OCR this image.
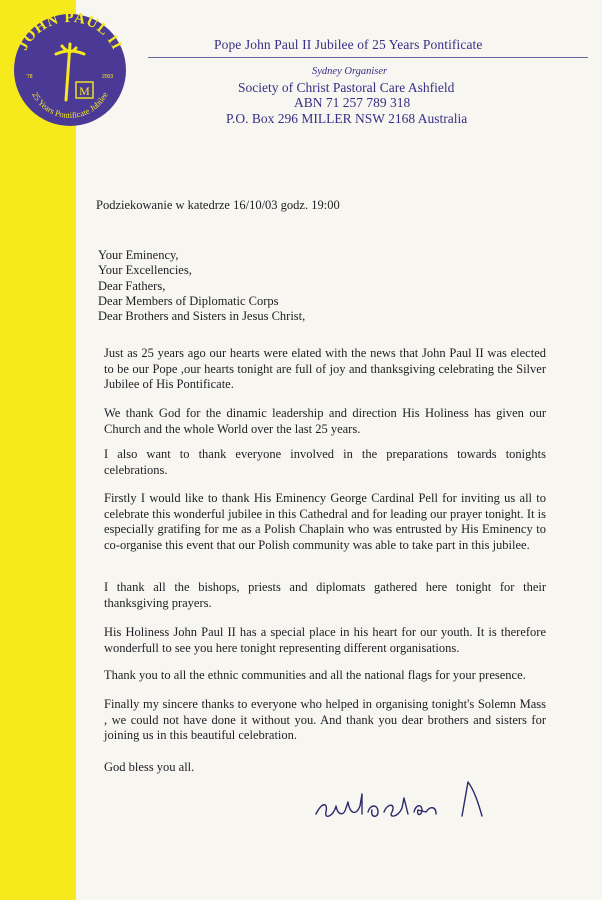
JOHN PAUL II
25 Years Pontificate Jubilee
'78	2003
M
Pope John Paul II Jubilee of 25 Years Pontificate
Sydney Organiser
Society of Christ Pastoral Care Ashfield
ABN 71 257 789 318
P.O. Box 296 MILLER NSW 2168 Australia
Podziekowanie w katedrze 16/10/03 godz. 19:00
Your Eminency,
Your Excellencies,
Dear Fathers,
Dear Members of Diplomatic Corps
Dear Brothers and Sisters in Jesus Christ,

Just as 25 years ago our hearts were elated with the news that John Paul II was elected to be our Pope ,our hearts tonight are full of joy and thanksgiving celebrating the Silver Jubilee of His Pontificate.

We thank God for the dinamic leadership and direction His Holiness has given our Church and the whole World over the last 25 years.

I also want to thank everyone involved in the preparations towards tonights celebrations.

Firstly I would like to thank His Eminency George Cardinal Pell for inviting us all to celebrate this wonderful jubilee in this Cathedral and for leading our prayer tonight. It is especially gratifing for me as a Polish Chaplain who was entrusted by His Eminency to co-organise this event that our Polish community was able to take part in this jubilee.

I thank all the bishops, priests and diplomats gathered here tonight for their thanksgiving prayers.

His Holiness John Paul II has a special place in his heart for our youth. It is therefore wonderfull to see you here tonight representing different organisations.

Thank you to all the ethnic communities and all the national flags for your presence.

Finally my sincere thanks to everyone who helped in organising tonight's Solemn Mass , we could not have done it without you. And thank you dear brothers and sisters for joining us in this beautiful celebration.

God bless you all.
